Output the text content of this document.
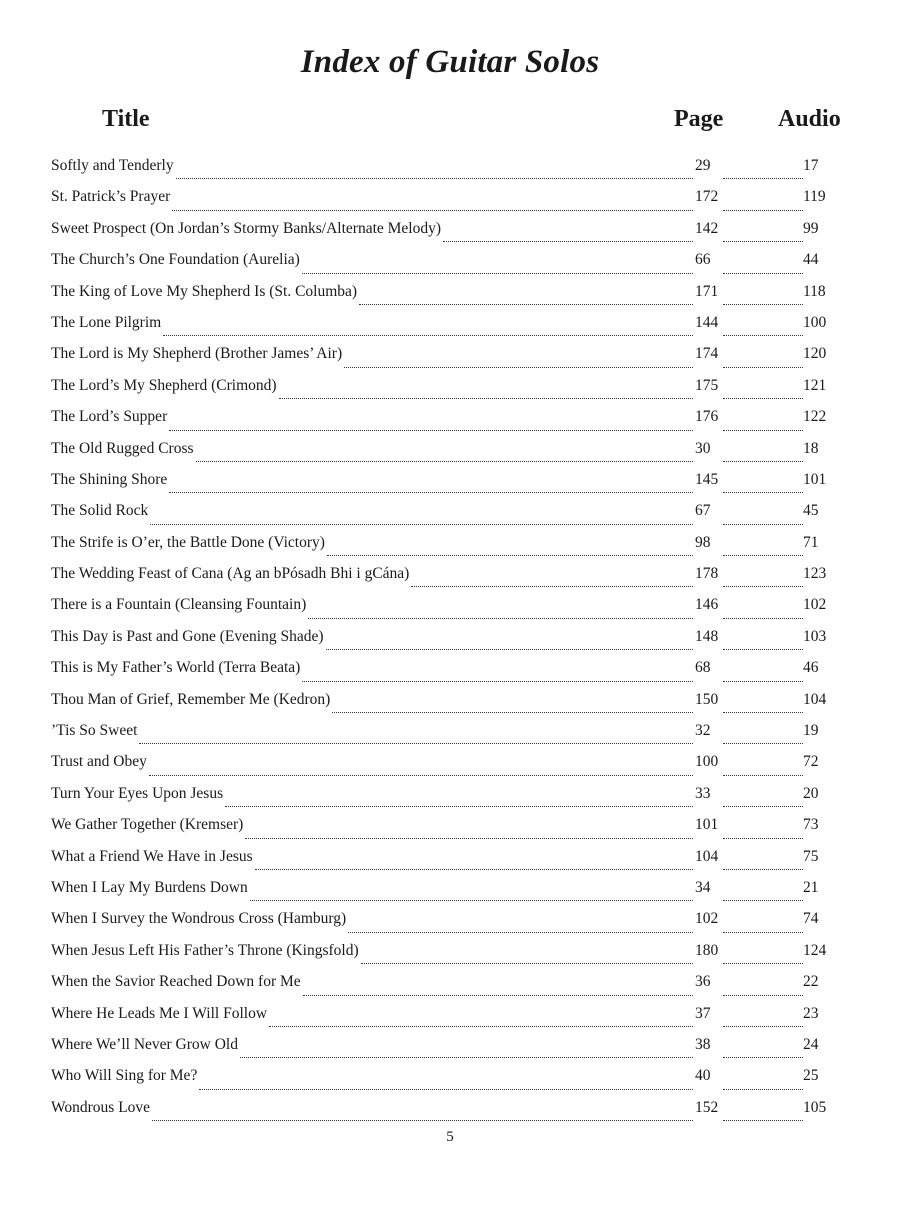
Index of Guitar Solos
Title	Page Audio
Softly and Tenderly	29	17
St. Patrick’s Prayer	172	119
Sweet Prospect (On Jordan’s Stormy Banks/Alternate Melody)	142	99
The Church’s One Foundation (Aurelia)	66	44
The King of Love My Shepherd Is (St. Columba)	171	118
The Lone Pilgrim	144	100
The Lord is My Shepherd (Brother James’ Air)	174	120
The Lord’s My Shepherd (Crimond)	175	121
The Lord’s Supper	176	122
The Old Rugged Cross	30	18
The Shining Shore	145	101
The Solid Rock	67	45
The Strife is O’er, the Battle Done (Victory)	98	71
The Wedding Feast of Cana (Ag an bPósadh Bhi i gCána)	178	123
There is a Fountain (Cleansing Fountain)	146	102
This Day is Past and Gone (Evening Shade)	148	103
This is My Father’s World (Terra Beata)	68	46
Thou Man of Grief, Remember Me (Kedron)	150	104
’Tis So Sweet	32	19
Trust and Obey	100	72
Turn Your Eyes Upon Jesus	33	20
We Gather Together (Kremser)	101	73
What a Friend We Have in Jesus	104	75
When I Lay My Burdens Down	34	21
When I Survey the Wondrous Cross (Hamburg)	102	74
When Jesus Left His Father’s Throne (Kingsfold)	180	124
When the Savior Reached Down for Me	36	22
Where He Leads Me I Will Follow	37	23
Where We’ll Never Grow Old	38	24
Who Will Sing for Me?	40	25
Wondrous Love	152	105
5
